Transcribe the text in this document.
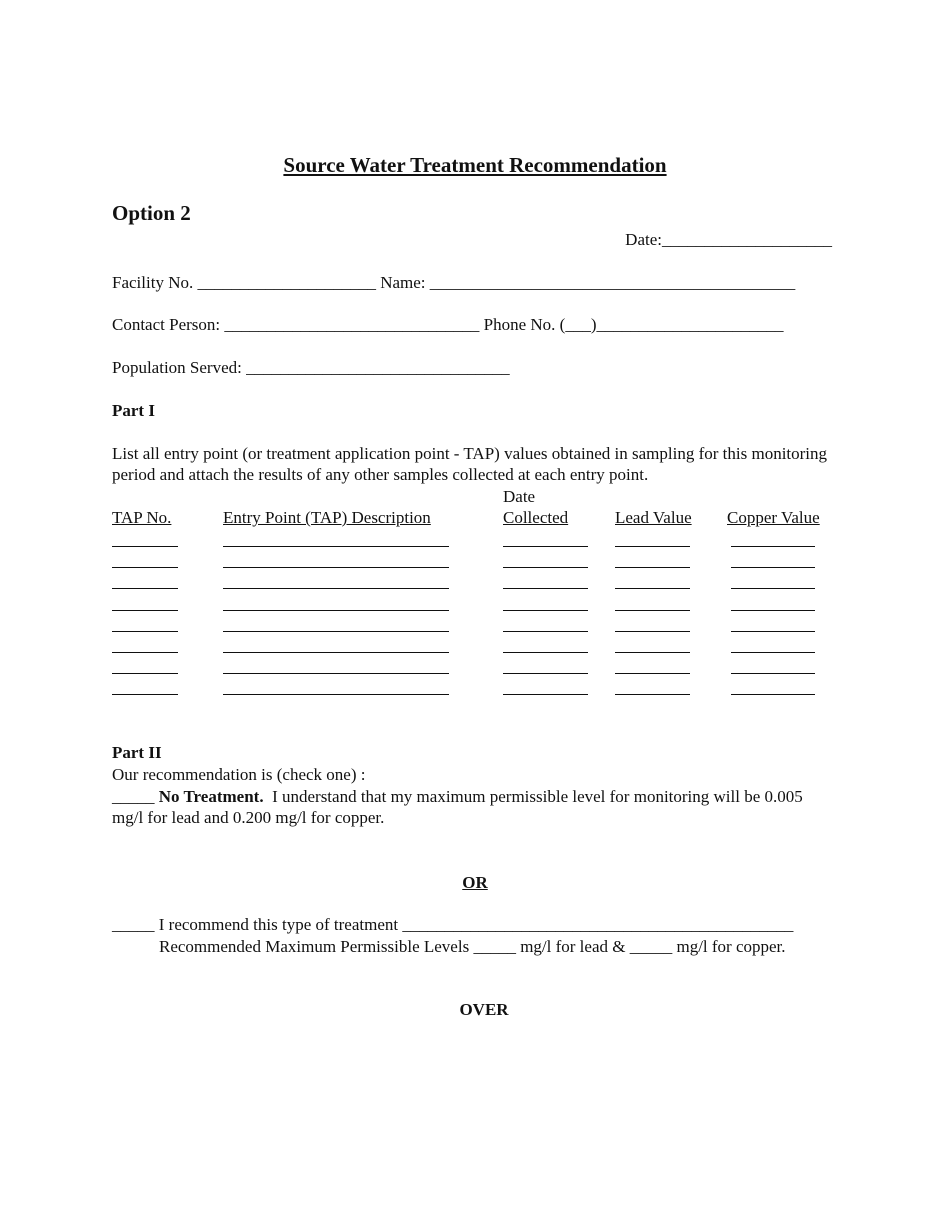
Source Water Treatment Recommendation
Option 2
Date:____________________
Facility No. _____________________ Name: ___________________________________________
Contact Person: ______________________________ Phone No. (___)______________________
Population Served: _______________________________
Part I
List all entry point (or treatment application point - TAP) values obtained in sampling for this monitoring period and attach the results of any other samples collected at each entry point.
TAP No.	Entry Point (TAP) Description
Date
Collected	Lead Value Copper Value
Part II
Our recommendation is (check one) :
_____ No Treatment. I understand that my maximum permissible level for monitoring will be 0.005
mg/l for lead and 0.200 mg/l for copper.
OR
_____ I recommend this type of treatment ______________________________________________
Recommended Maximum Permissible Levels _____ mg/l for lead & _____ mg/l for copper.
OVER
